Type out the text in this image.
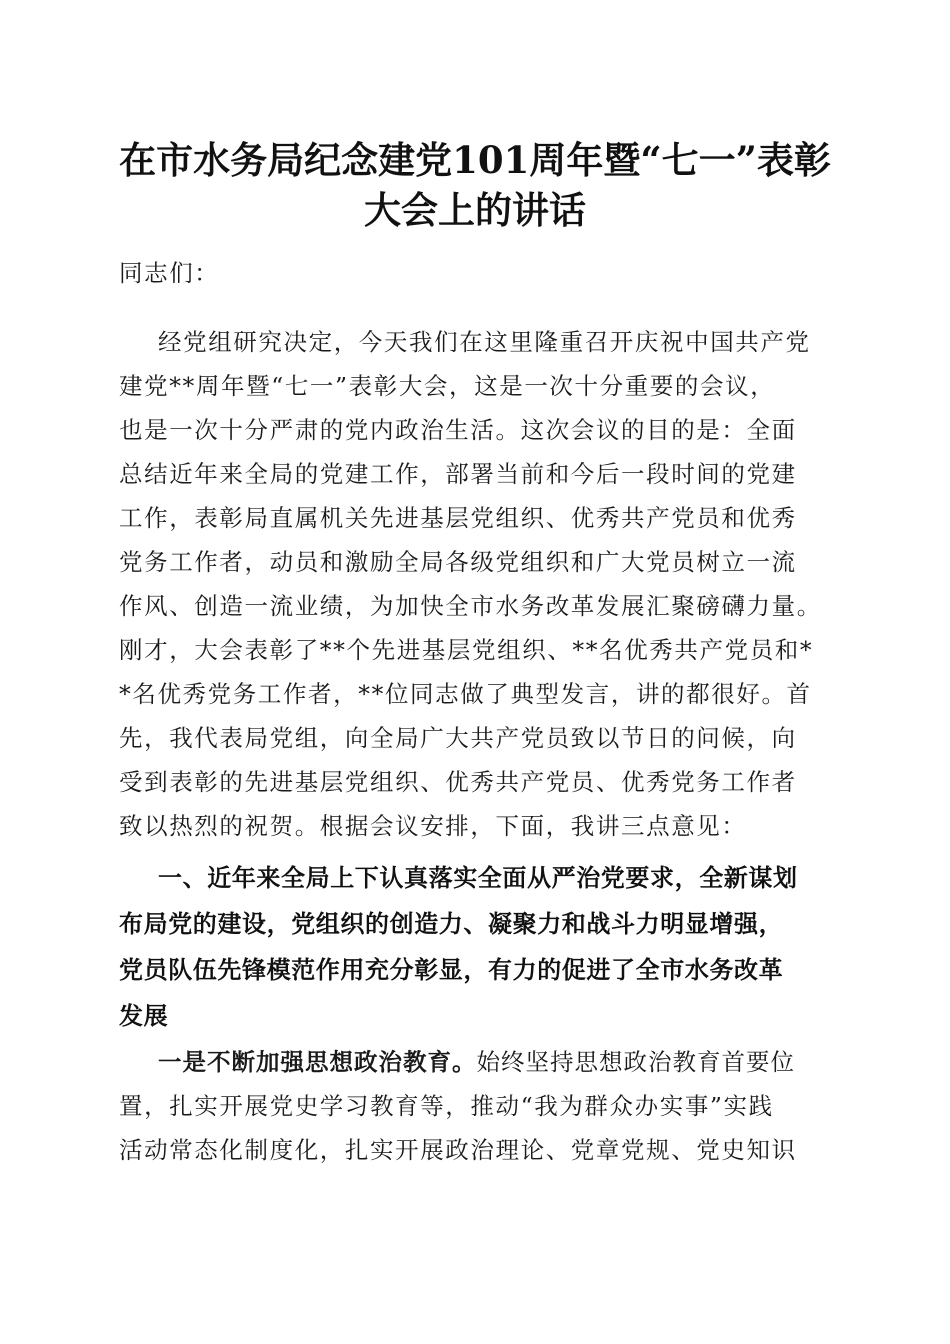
在市水务局纪念建党101周年暨“七一”表彰
大会上的讲话

同志们：

经党组研究决定，今天我们在这里隆重召开庆祝中国共产党

建党**周年暨“七一”表彰大会，这是一次十分重要的会议，

也是一次十分严肃的党内政治生活。这次会议的目的是：全面

总结近年来全局的党建工作，部署当前和今后一段时间的党建

工作，表彰局直属机关先进基层党组织、优秀共产党员和优秀

党务工作者，动员和激励全局各级党组织和广大党员树立一流

作风、创造一流业绩，为加快全市水务改革发展汇聚磅礴力量。

刚才，大会表彰了**个先进基层党组织、**名优秀共产党员和*

*名优秀党务工作者，**位同志做了典型发言，讲的都很好。首

先，我代表局党组，向全局广大共产党员致以节日的问候，向

受到表彰的先进基层党组织、优秀共产党员、优秀党务工作者

致以热烈的祝贺。根据会议安排，下面，我讲三点意见：

一、近年来全局上下认真落实全面从严治党要求，全新谋划

布局党的建设，党组织的创造力、凝聚力和战斗力明显增强，

党员队伍先锋模范作用充分彰显，有力的促进了全市水务改革

发展

一是不断加强思想政治教育。始终坚持思想政治教育首要位

置，扎实开展党史学习教育等，推动“我为群众办实事”实践

活动常态化制度化，扎实开展政治理论、党章党规、党史知识
